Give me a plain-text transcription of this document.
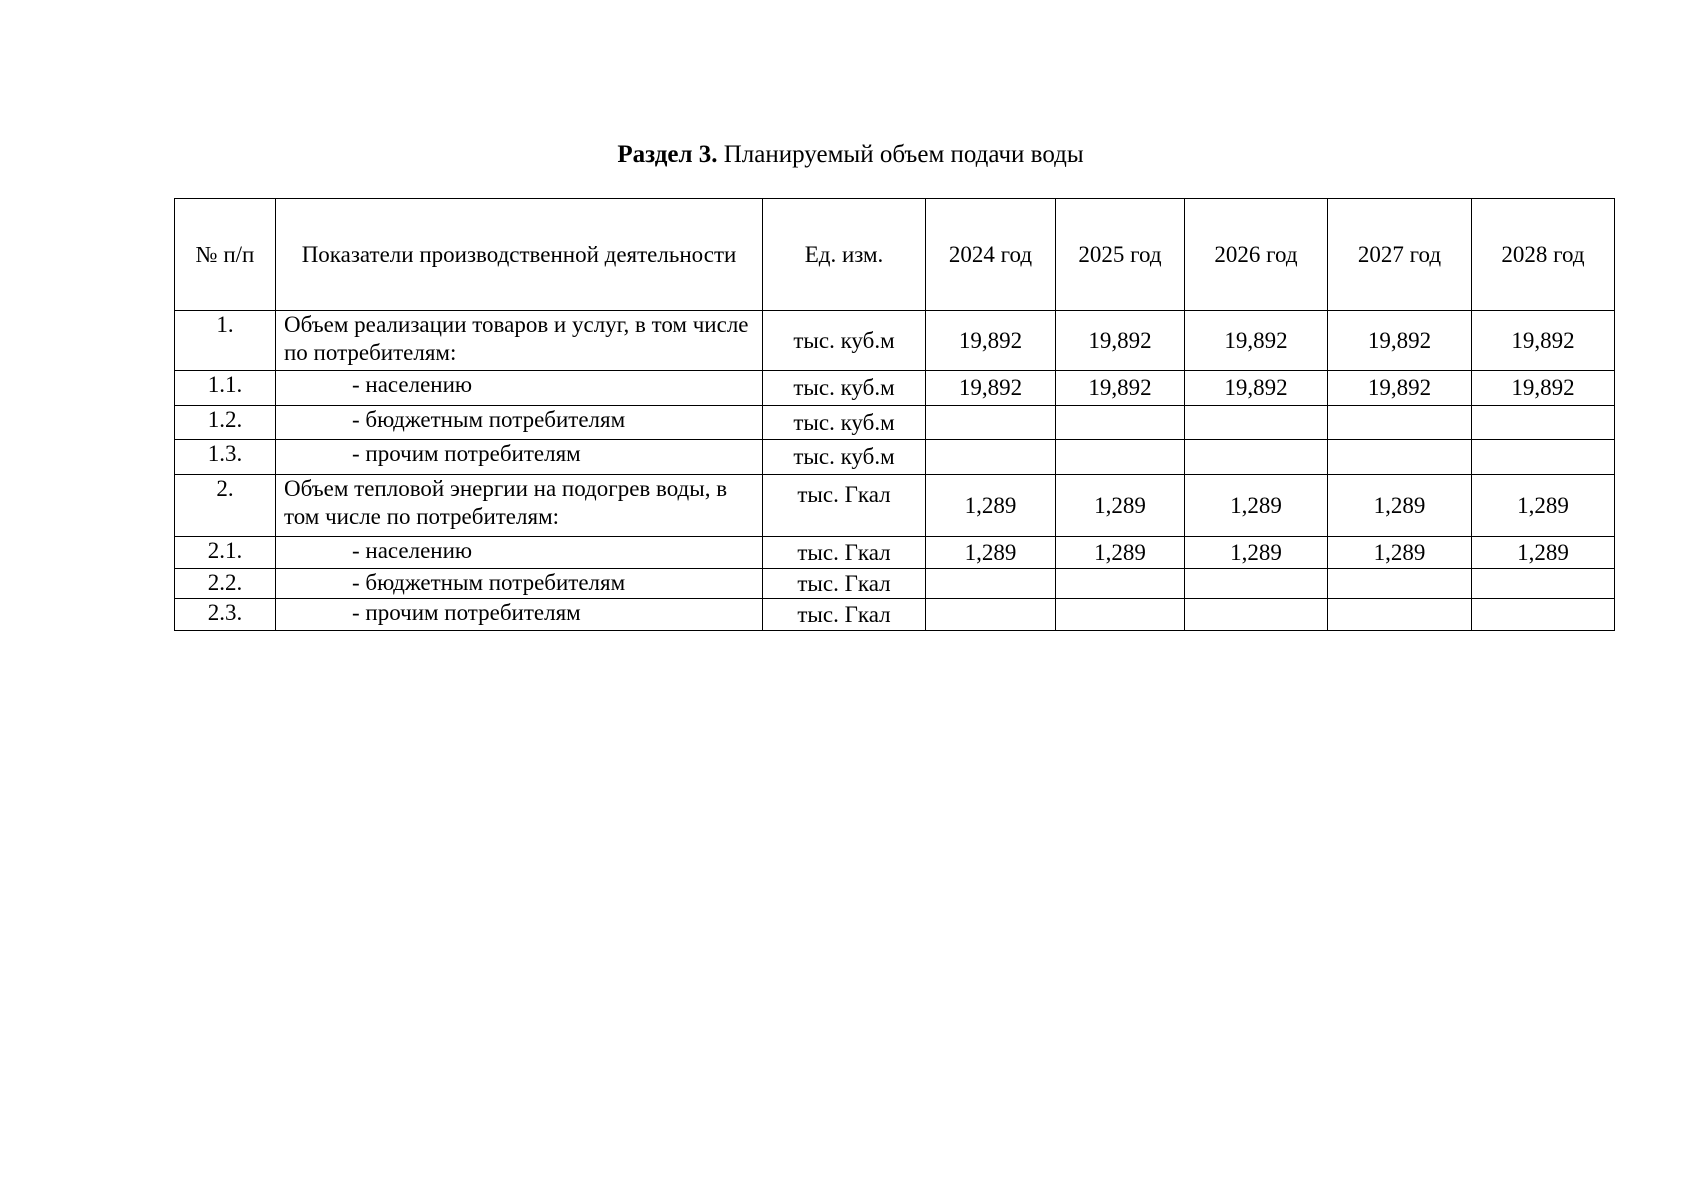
Раздел 3. Планируемый объем подачи воды
№ п/п	Показатели производственной деятельности	Ед. изм.	2024 год	2025 год	2026 год	2027 год	2028 год
1.	Объем реализации товаров и услуг, в том числе по потребителям:	тыс. куб.м	19,892	19,892	19,892	19,892	19,892
1.1.	- населению	тыс. куб.м	19,892	19,892	19,892	19,892	19,892
1.2.	- бюджетным потребителям	тыс. куб.м					
1.3.	- прочим потребителям	тыс. куб.м					
2.	Объем тепловой энергии на подогрев воды, в том числе по потребителям:	тыс. Гкал	1,289	1,289	1,289	1,289	1,289
2.1.	- населению	тыс. Гкал	1,289	1,289	1,289	1,289	1,289
2.2.	- бюджетным потребителям	тыс. Гкал					
2.3.	- прочим потребителям	тыс. Гкал					
